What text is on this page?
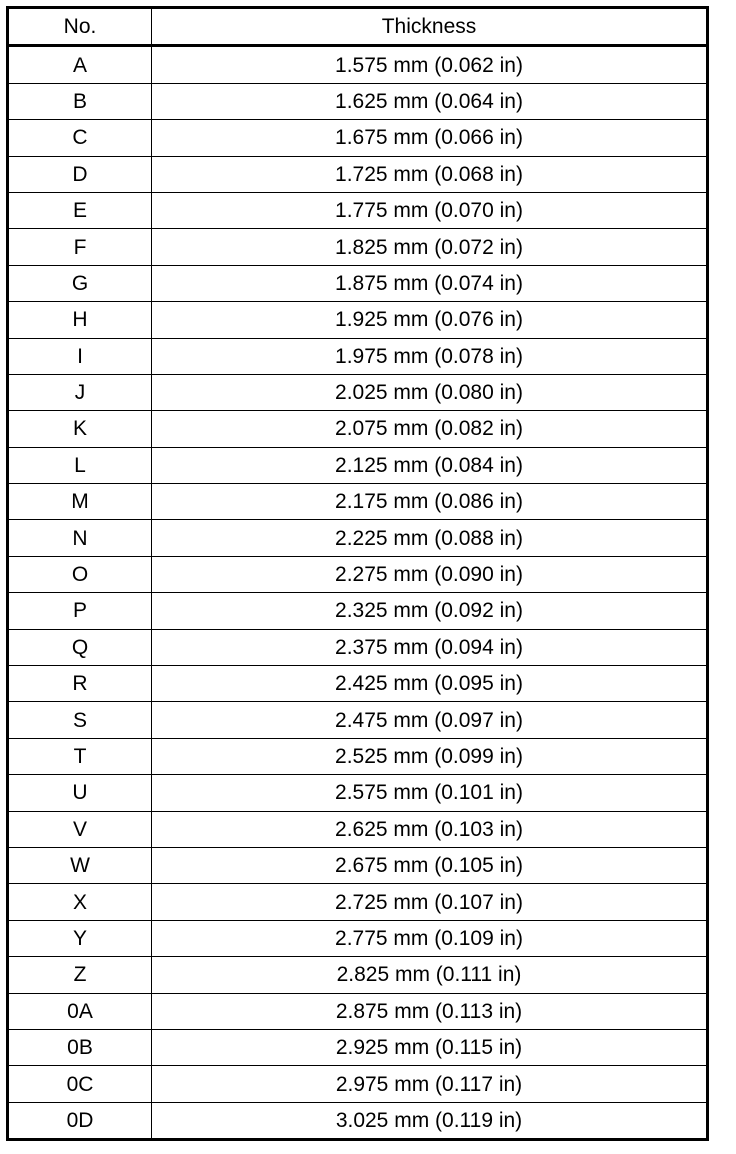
No.	Thickness
A	1.575 mm (0.062 in)
B	1.625 mm (0.064 in)
C	1.675 mm (0.066 in)
D	1.725 mm (0.068 in)
E	1.775 mm (0.070 in)
F	1.825 mm (0.072 in)
G	1.875 mm (0.074 in)
H	1.925 mm (0.076 in)
I	1.975 mm (0.078 in)
J	2.025 mm (0.080 in)
K	2.075 mm (0.082 in)
L	2.125 mm (0.084 in)
M	2.175 mm (0.086 in)
N	2.225 mm (0.088 in)
O	2.275 mm (0.090 in)
P	2.325 mm (0.092 in)
Q	2.375 mm (0.094 in)
R	2.425 mm (0.095 in)
S	2.475 mm (0.097 in)
T	2.525 mm (0.099 in)
U	2.575 mm (0.101 in)
V	2.625 mm (0.103 in)
W	2.675 mm (0.105 in)
X	2.725 mm (0.107 in)
Y	2.775 mm (0.109 in)
Z	2.825 mm (0.111 in)
0A	2.875 mm (0.113 in)
0B	2.925 mm (0.115 in)
0C	2.975 mm (0.117 in)
0D	3.025 mm (0.119 in)
